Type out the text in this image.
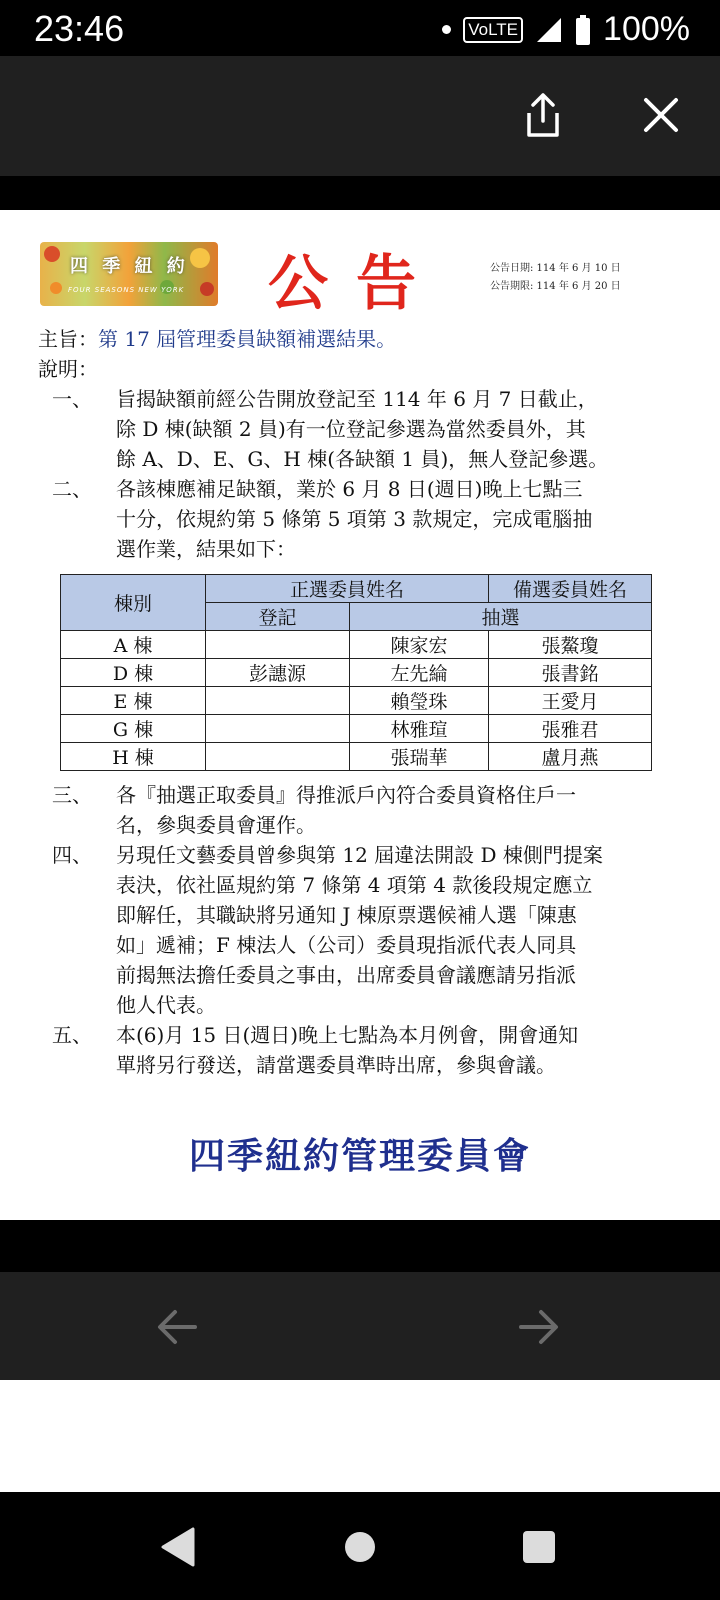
23:46	VoLTE	100%
四 季 紐 約
FOUR SEASONS NEW YORK 公告	公告日期: 114 年 6 月 10 日
公告期限: 114 年 6 月 20 日
主旨：第 17 屆管理委員缺額補選結果。
說明：
一、	旨揭缺額前經公告開放登記至 114 年 6 月 7 日截止，
除 D 棟(缺額 2 員)有一位登記參選為當然委員外，其
餘 A、D、E、G、H 棟(各缺額 1 員)，無人登記參選。
二、	各該棟應補足缺額，業於 6 月 8 日(週日)晚上七點三
十分，依規約第 5 條第 5 項第 3 款規定，完成電腦抽
選作業，結果如下：
棟別	正選委員姓名		備選委員姓名
	登記	抽選	
A 棟		陳家宏	張鰲瓊
D 棟	彭譓源	左先綸	張書銘
E 棟		賴瑩珠	王愛月
G 棟		林雅瑄	張雅君
H 棟		張瑞華	盧月燕
三、	各『抽選正取委員』得推派戶內符合委員資格住戶一
名，參與委員會運作。
四、	另現任文藝委員曾參與第 12 屆違法開設 D 棟側門提案
表決，依社區規約第 7 條第 4 項第 4 款後段規定應立
即解任，其職缺將另通知 J 棟原票選候補人選「陳惠
如」遞補；F 棟法人（公司）委員現指派代表人同具
前揭無法擔任委員之事由，出席委員會議應請另指派
他人代表。
五、	本(6)月 15 日(週日)晚上七點為本月例會，開會通知
單將另行發送，請當選委員準時出席，參與會議。
四季紐約管理委員會
